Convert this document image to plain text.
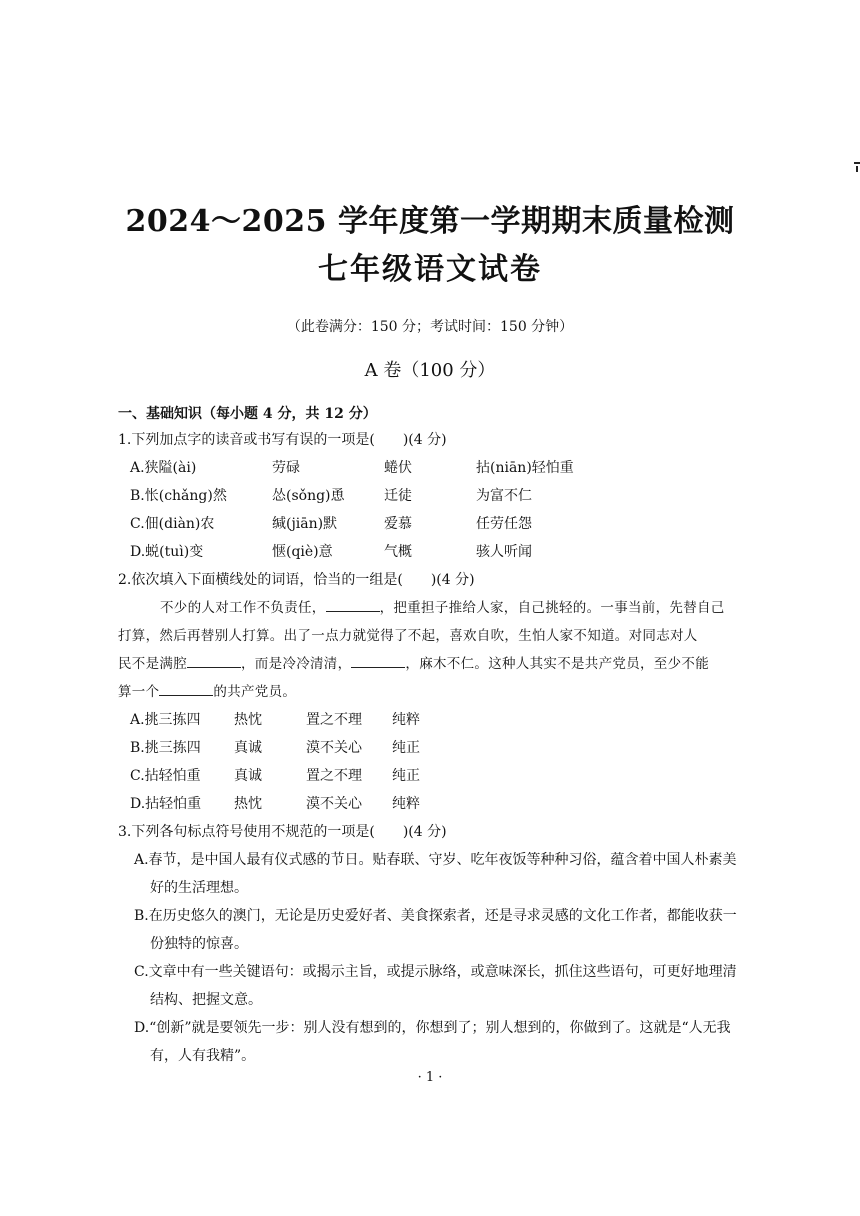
2024～2025 学年度第一学期期末质量检测
七年级语文试卷
（此卷满分：150 分；考试时间：150 分钟）
A 卷（100 分）
一、基础知识（每小题 4 分，共 12 分）
1.下列加点字的读音或书写有误的一项是(　　)(4 分)
A.狭隘(ài)	劳碌	蜷伏	拈(niān)轻怕重
B.怅(chǎng)然	怂(sǒng)恿	迁徒	为富不仁
C.佃(diàn)农	缄(jiān)默	爱慕	任劳任怨
D.蜕(tuì)变	惬(qiè)意	气概	骇人听闻
2.依次填入下面横线处的词语，恰当的一组是(　　)(4 分)
不少的人对工作不负责任，	，把重担子推给人家，自己挑轻的。一事当前，先替自己
打算，然后再替别人打算。出了一点力就觉得了不起，喜欢自吹，生怕人家不知道。对同志对人
民不是满腔	，而是冷冷清清，	，麻木不仁。这种人其实不是共产党员，至少不能
算一个	的共产党员。
A.挑三拣四	热忱	置之不理	纯粹
B.挑三拣四	真诚	漠不关心	纯正
C.拈轻怕重	真诚	置之不理	纯正
D.拈轻怕重	热忱	漠不关心	纯粹
3.下列各句标点符号使用不规范的一项是(　　)(4 分)
A.春节，是中国人最有仪式感的节日。贴春联、守岁、吃年夜饭等种种习俗，蕴含着中国人朴素美
好的生活理想。
B.在历史悠久的澳门，无论是历史爱好者、美食探索者，还是寻求灵感的文化工作者，都能收获一
份独特的惊喜。
C.文章中有一些关键语句：或揭示主旨，或提示脉络，或意味深长，抓住这些语句，可更好地理清
结构、把握文意。
D.“创新”就是要领先一步：别人没有想到的，你想到了；别人想到的，你做到了。这就是“人无我
有，人有我精”。
· 1 ·
